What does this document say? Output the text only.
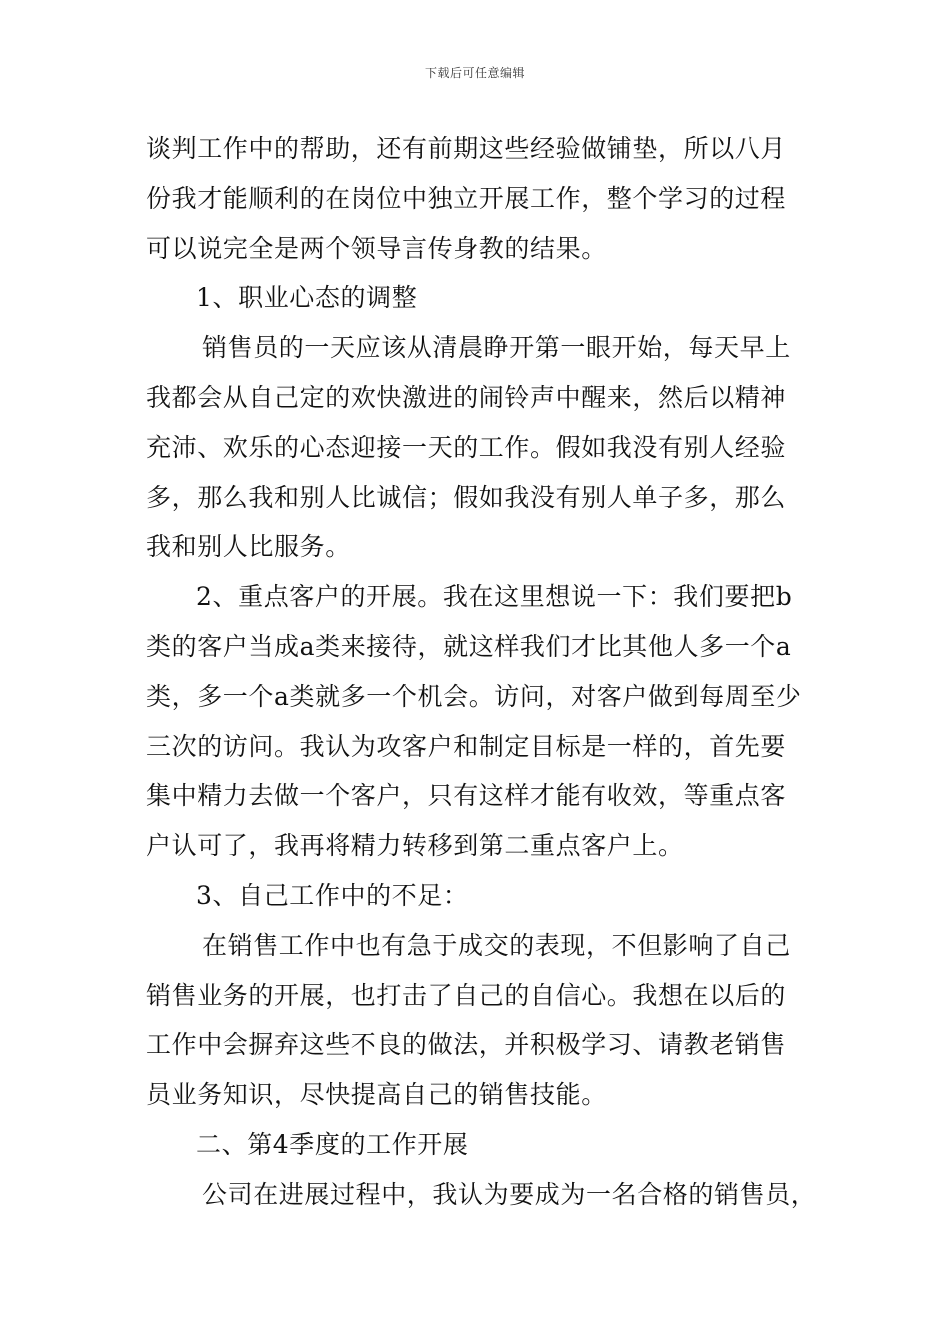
下载后可任意编辑
谈判工作中的帮助，还有前期这些经验做铺垫，所以八月
份我才能顺利的在岗位中独立开展工作，整个学习的过程
可以说完全是两个领导言传身教的结果。
1、职业心态的调整
销售员的一天应该从清晨睁开第一眼开始，每天早上
我都会从自己定的欢快激进的闹铃声中醒来，然后以精神
充沛、欢乐的心态迎接一天的工作。假如我没有别人经验
多，那么我和别人比诚信；假如我没有别人单子多，那么
我和别人比服务。
2、重点客户的开展。我在这里想说一下：我们要把b
类的客户当成a类来接待，就这样我们才比其他人多一个a
类，多一个a类就多一个机会。访问，对客户做到每周至少
三次的访问。我认为攻客户和制定目标是一样的，首先要
集中精力去做一个客户，只有这样才能有收效，等重点客
户认可了，我再将精力转移到第二重点客户上。
3、自己工作中的不足：
在销售工作中也有急于成交的表现，不但影响了自己
销售业务的开展，也打击了自己的自信心。我想在以后的
工作中会摒弃这些不良的做法，并积极学习、请教老销售
员业务知识，尽快提高自己的销售技能。
二、第4季度的工作开展
公司在进展过程中，我认为要成为一名合格的销售员，
